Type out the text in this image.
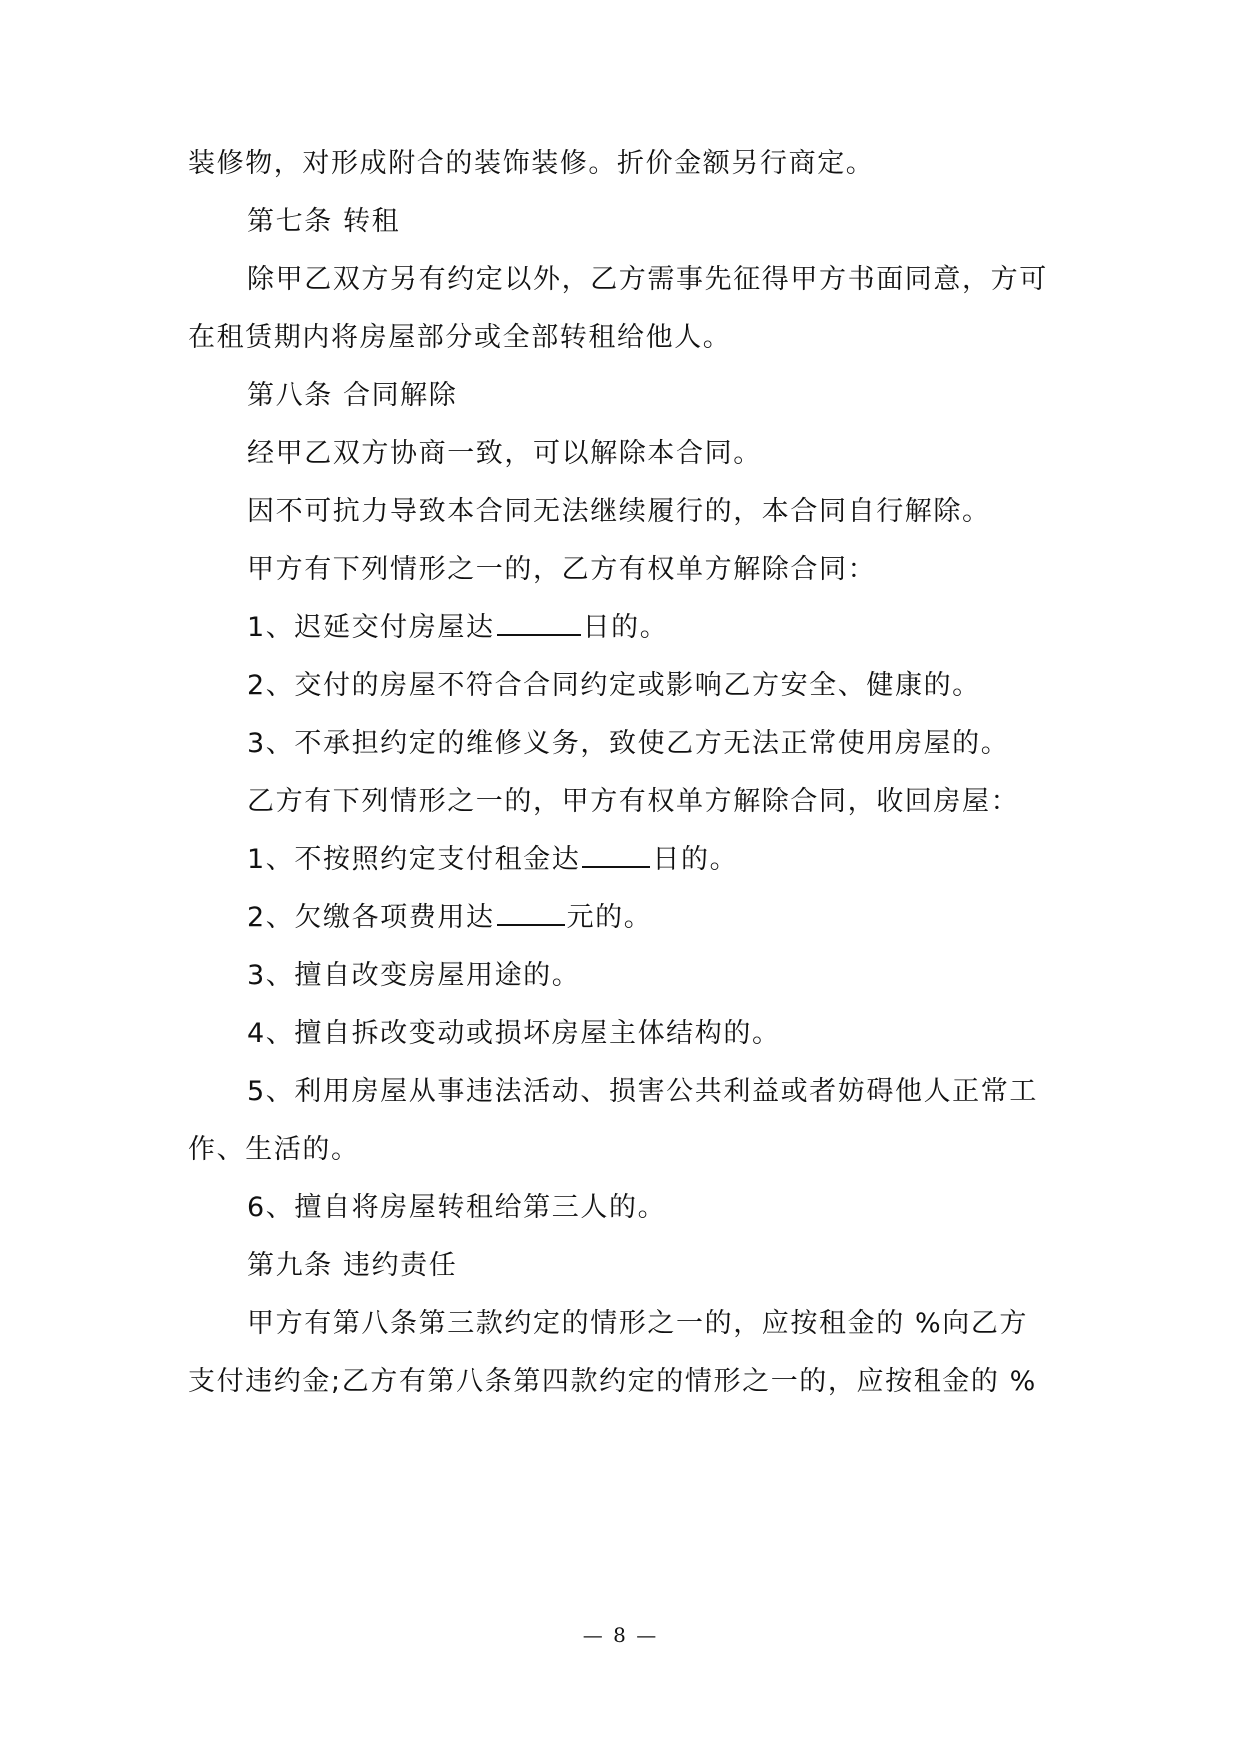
装修物，对形成附合的装饰装修。折价金额另行商定。
第七条 转租
除甲乙双方另有约定以外，乙方需事先征得甲方书面同意，方可
在租赁期内将房屋部分或全部转租给他人。
第八条 合同解除
经甲乙双方协商一致，可以解除本合同。
因不可抗力导致本合同无法继续履行的，本合同自行解除。
甲方有下列情形之一的，乙方有权单方解除合同：
1、迟延交付房屋达	日的。
2、交付的房屋不符合合同约定或影响乙方安全、健康的。
3、不承担约定的维修义务，致使乙方无法正常使用房屋的。
乙方有下列情形之一的，甲方有权单方解除合同，收回房屋：
1、不按照约定支付租金达	日的。
2、欠缴各项费用达	元的。
3、擅自改变房屋用途的。
4、擅自拆改变动或损坏房屋主体结构的。
5、利用房屋从事违法活动、损害公共利益或者妨碍他人正常工
作、生活的。
6、擅自将房屋转租给第三人的。
第九条 违约责任
甲方有第八条第三款约定的情形之一的，应按租金的 %向乙方
支付违约金;乙方有第八条第四款约定的情形之一的，应按租金的 %
— 8 —
